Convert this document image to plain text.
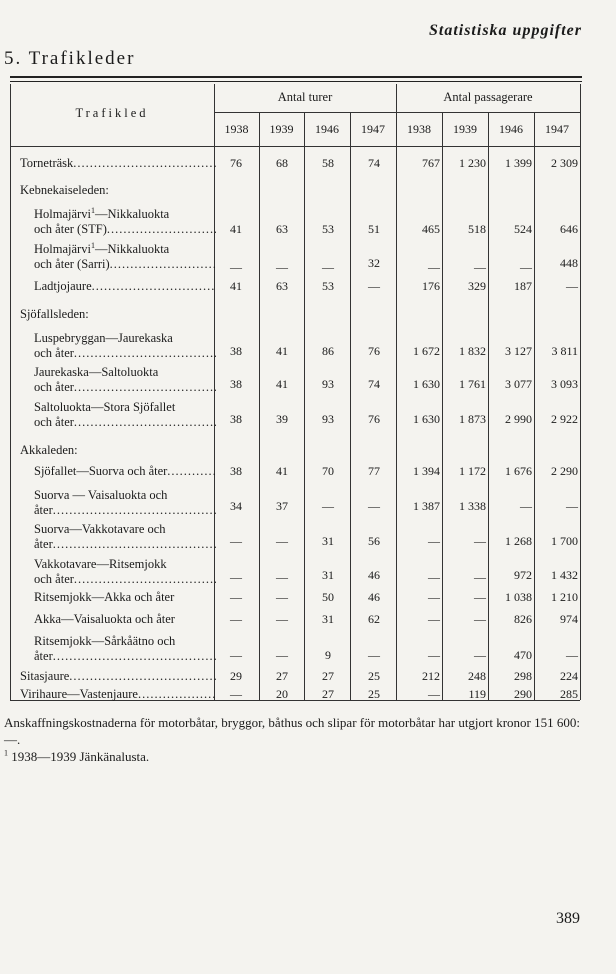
Statistiska uppgifter
5. Trafikleder
Trafikled
Antal turer	Antal passagerare
1938	1939	1946	1947	1938	1939	1946	1947
Torneträsk .....	76	68	58	74	767	1 230	1 399	2 309
Kebnekaiseleden:
Holmajärvi$^1$—Nikkaluokta
och åter (STF) .....	41	63	53	51	465	518	524	646
Holmajärvi$^1$—Nikkaluokta
och åter (Sarri) .....	—	—	—	32	—	—	—	448
Ladtjojaure .....	41	63	53	—	176	329	187	—
Sjöfallsleden:
Luspebryggan—Jaurekaska
och åter .....	38	41	86	76	1 672	1 832	3 127	3 811
Jaurekaska—Saltoluokta
och åter .....	38	41	93	74	1 630	1 761	3 077	3 093
Saltoluokta—Stora Sjöfallet
och åter .....	38	39	93	76	1 630	1 873	2 990	2 922
Akkaleden:
Sjöfallet—Suorva och åter .....	38	41	70	77	1 394	1 172	1 676	2 290
Suorva — Vaisaluokta och
åter .....	34	37	—	—	1 387	1 338	—	—
Suorva—Vakkotavare och
åter .....	—	—	31	56	—	—	1 268	1 700
Vakkotavare—Ritsemjokk
och åter .....	—	—	31	46	—	—	972	1 432
Ritsemjokk—Akka och åter	—	—	50	46	—	—	1 038	1 210
Akka—Vaisaluokta och åter	—	—	31	62	—	—	826	974
Ritsemjokk—Sårkåätno och
åter .....	—	—	9	—	—	—	470	—
Sitasjaure .....	29	27	27	25	212	248	298	224
Virihaure—Vastenjaure .....	—	20	27	25	—	119	290	285

Anskaffningskostnaderna för motorbåtar, bryggor, båthus och slipar för motorbåtar har utgjort kronor 151 600: —.

$^1$ 1938—1939 Jänkänalusta.

389
